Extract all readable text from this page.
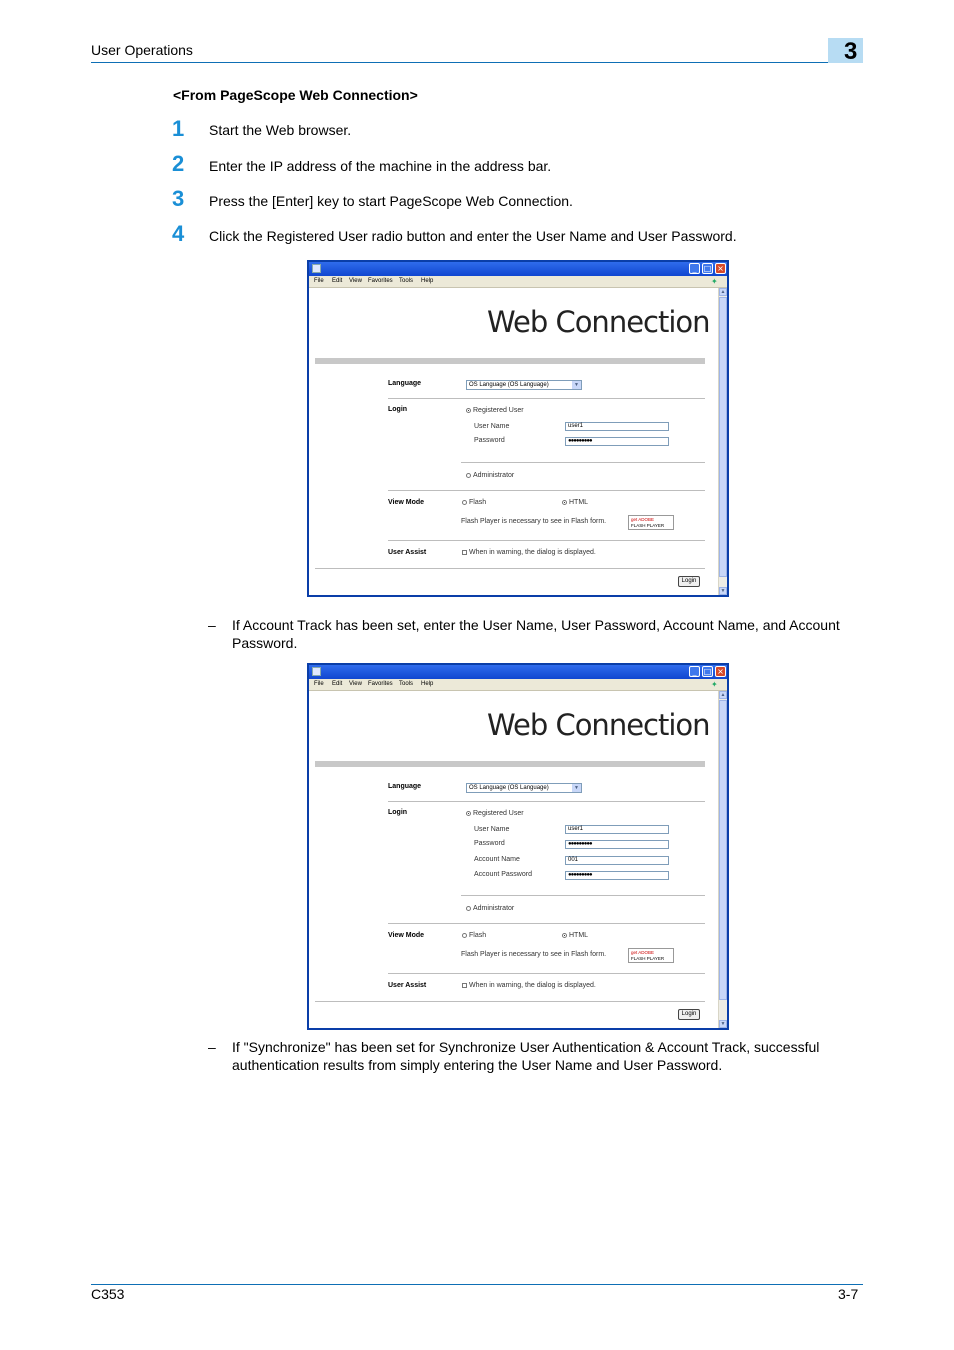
User Operations	3
<From PageScope Web Connection>
1 Start the Web browser.
2 Enter the IP address of the machine in the address bar.
3 Press the [Enter] key to start PageScope Web Connection.
4 Click the Registered User radio button and enter the User Name and User Password.
_ □ ×
File Edit View Favorites Tools Help	✦
▲
▼
Web Connection
Language	OS Language (OS Language)	▼
Login	Registered User
User Name	user1
Password	●●●●●●●●●
Administrator
View Mode	Flash	HTML
Flash Player is necessary to see in Flash form.	get ADOBE
FLASH PLAYER
User Assist	When in warning, the dialog is displayed.
Login
– If Account Track has been set, enter the User Name, User Password, Account Name, and Account Password.
_ □ ×
File Edit View Favorites Tools Help	✦
▲
▼
Web Connection
Language	OS Language (OS Language)	▼
Login	Registered User
User Name	user1
Password	●●●●●●●●●
Account Name	001
Account Password	●●●●●●●●●
Administrator
View Mode	Flash	HTML
Flash Player is necessary to see in Flash form.	get ADOBE
FLASH PLAYER
User Assist	When in warning, the dialog is displayed.
Login
– If "Synchronize" has been set for Synchronize User Authentication & Account Track, successful authentication results from simply entering the User Name and User Password.
C353	3-7
